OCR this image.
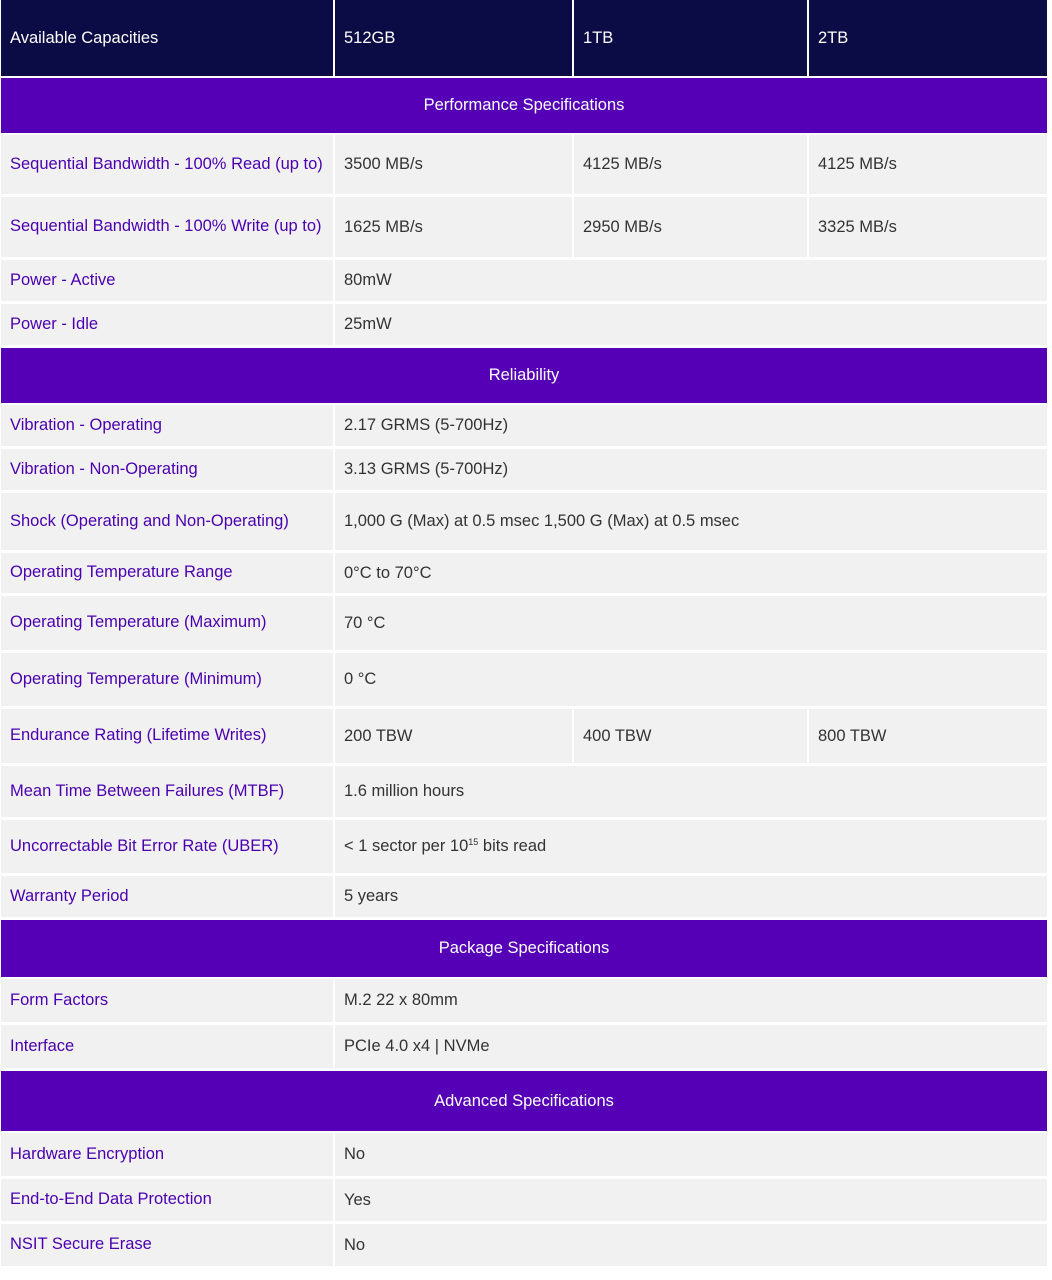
Available Capacities	512GB	1TB	2TB
Performance Specifications			
Sequential Bandwidth - 100% Read (up to)	3500 MB/s	4125 MB/s	4125 MB/s
Sequential Bandwidth - 100% Write (up to)	1625 MB/s	2950 MB/s	3325 MB/s
Power - Active	80mW		
Power - Idle	25mW		
Reliability			
Vibration - Operating	2.17 GRMS (5-700Hz)		
Vibration - Non-Operating	3.13 GRMS (5-700Hz)		
Shock (Operating and Non-Operating)	1,000 G (Max) at 0.5 msec 1,500 G (Max) at 0.5 msec		
Operating Temperature Range	0°C to 70°C		
Operating Temperature (Maximum)	70 °C		
Operating Temperature (Minimum)	0 °C		
Endurance Rating (Lifetime Writes)	200 TBW	400 TBW	800 TBW
Mean Time Between Failures (MTBF)	1.6 million hours		
Uncorrectable Bit Error Rate (UBER)	< 1 sector per $10^{15}$ bits read		
Warranty Period	5 years		
Package Specifications			
Form Factors	M.2 22 x 80mm		
Interface	PCIe 4.0 x4 | NVMe		
Advanced Specifications			
Hardware Encryption	No		
End-to-End Data Protection	Yes		
NSIT Secure Erase	No		
